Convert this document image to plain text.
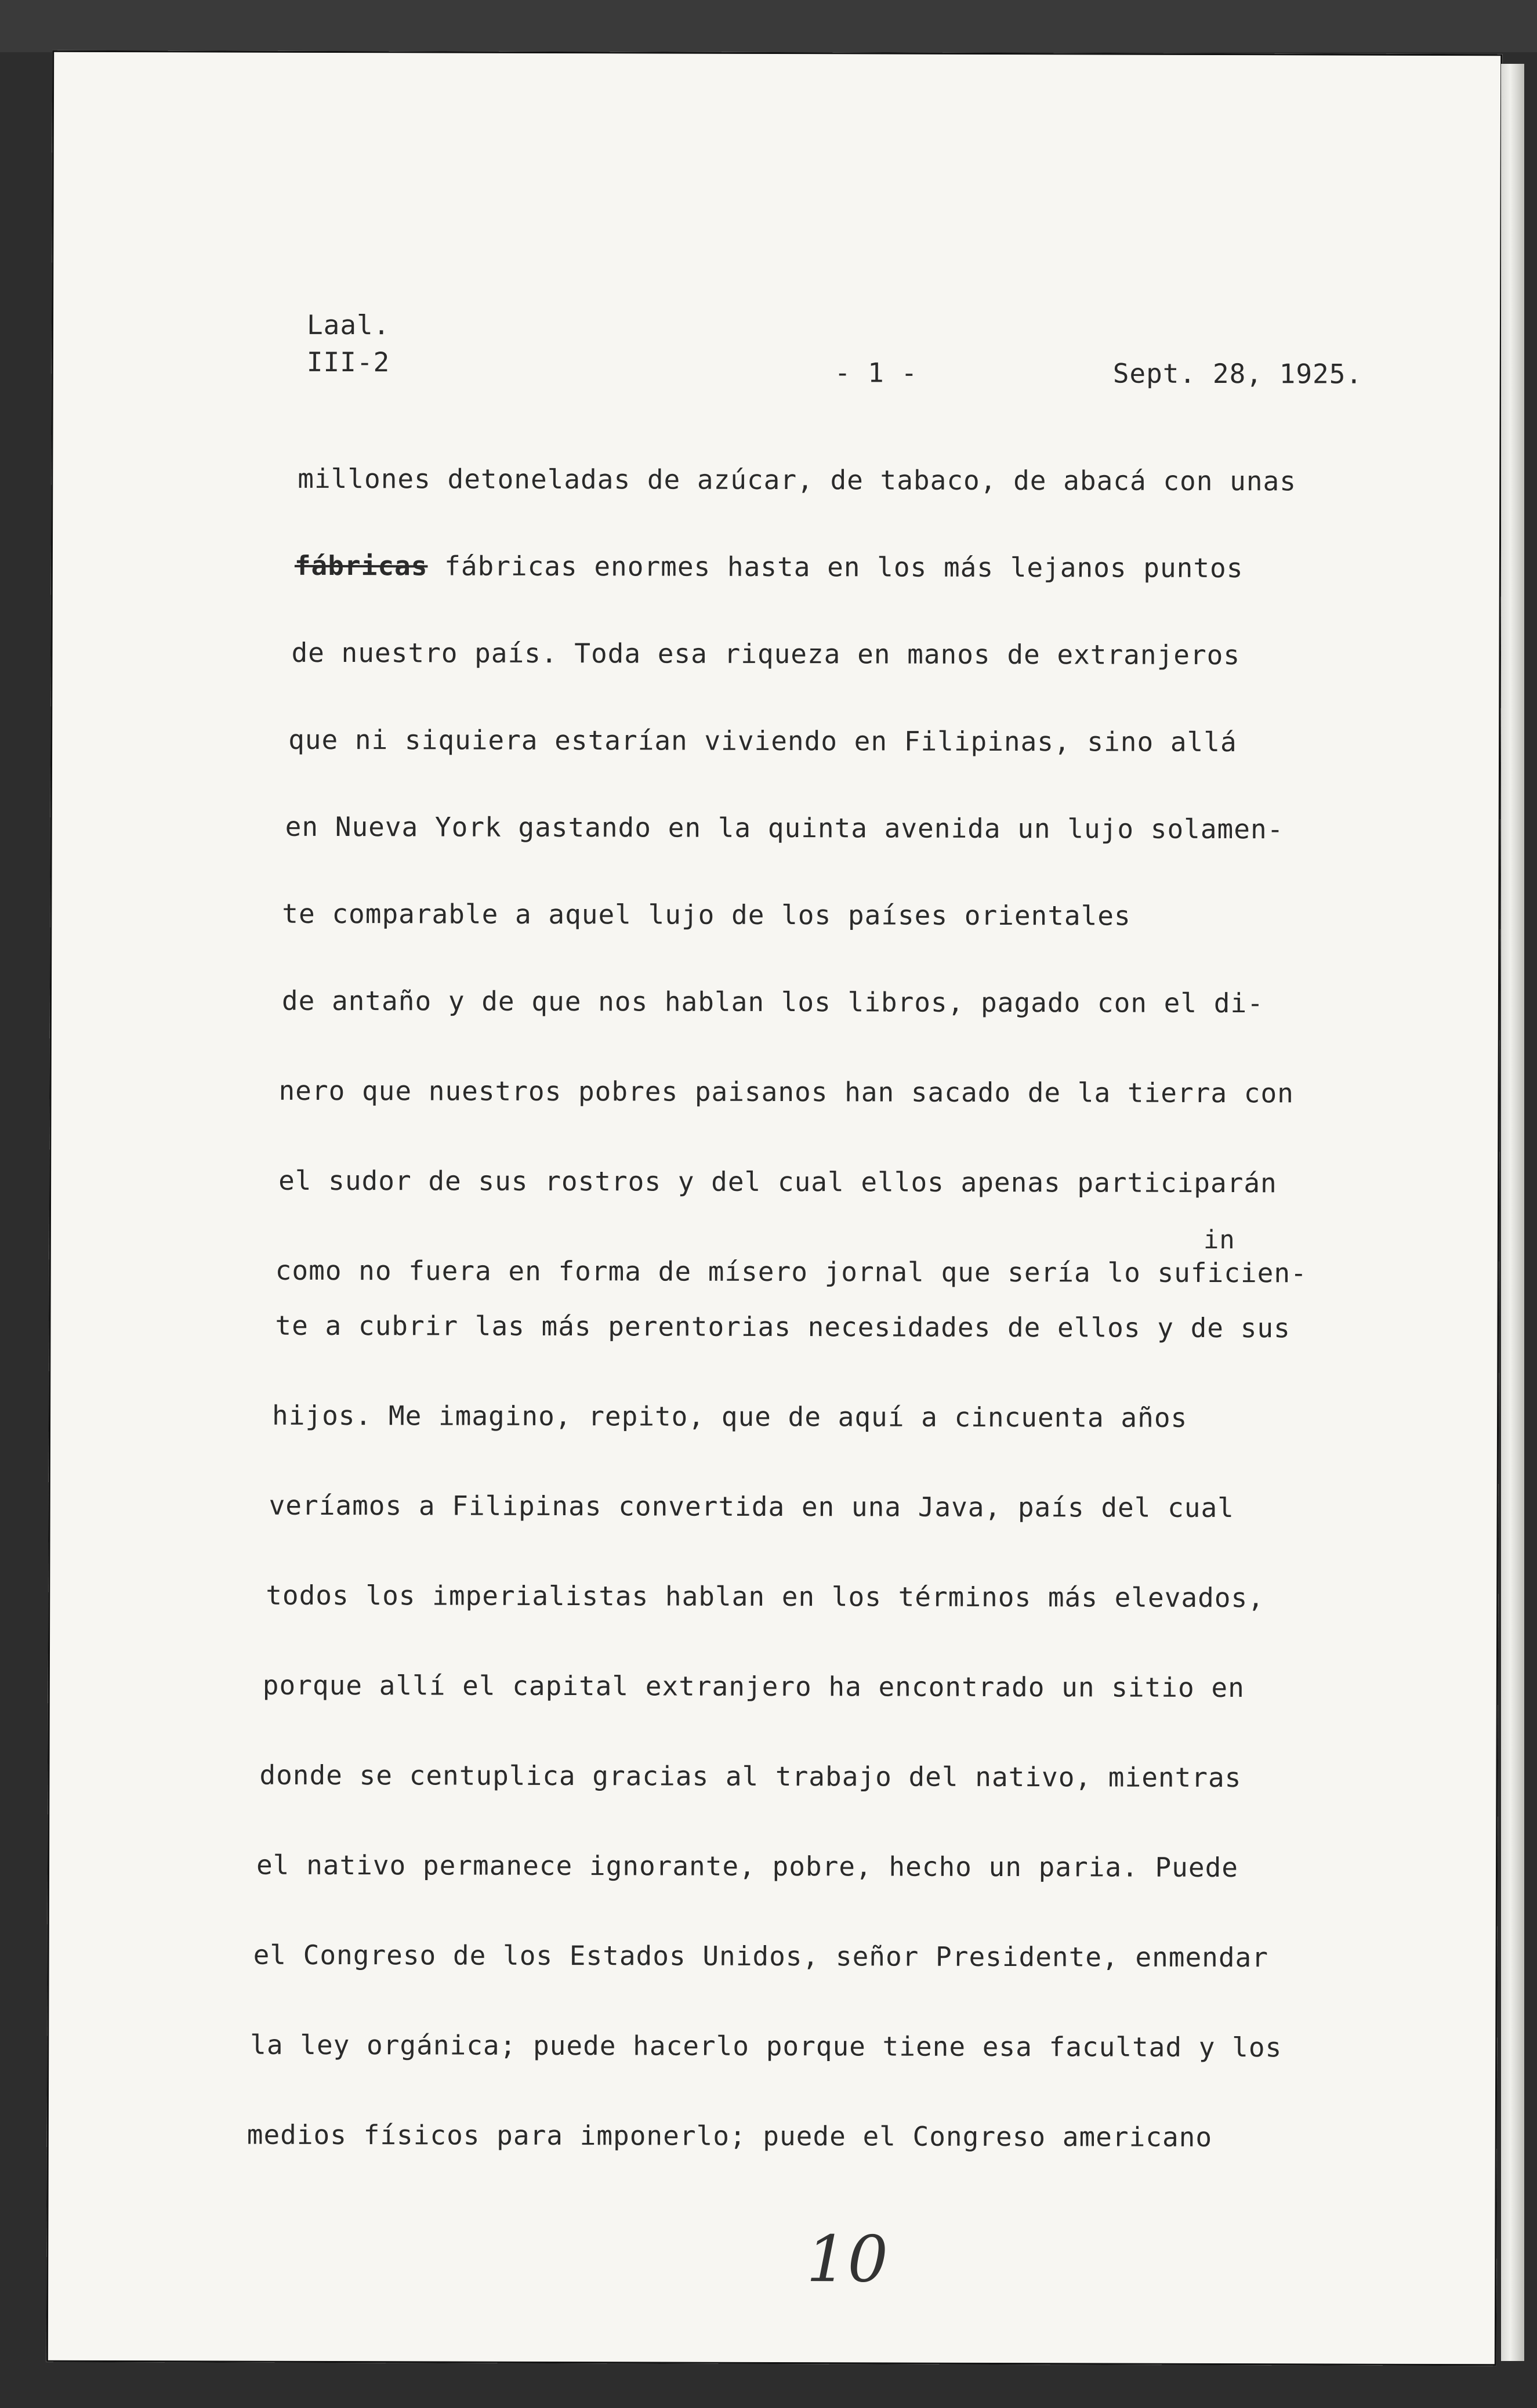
Laal.
III-2	- 1 -	Sept. 28, 1925.
millones detoneladas de azúcar, de tabaco, de abacá con unas
fábricas fábricas enormes hasta en los más lejanos puntos
de nuestro país. Toda esa riqueza en manos de extranjeros
que ni siquiera estarían viviendo en Filipinas, sino allá
en Nueva York gastando en la quinta avenida un lujo solamen-
te comparable a aquel lujo de los países orientales
de antaño y de que nos hablan los libros, pagado con el di-
nero que nuestros pobres paisanos han sacado de la tierra con
el sudor de sus rostros y del cual ellos apenas participarán
in
como no fuera en forma de mísero jornal que sería lo suficien-
te a cubrir las más perentorias necesidades de ellos y de sus
hijos. Me imagino, repito, que de aquí a cincuenta años
veríamos a Filipinas convertida en una Java, país del cual
todos los imperialistas hablan en los términos más elevados,
porque allí el capital extranjero ha encontrado un sitio en
donde se centuplica gracias al trabajo del nativo, mientras
el nativo permanece ignorante, pobre, hecho un paria. Puede
el Congreso de los Estados Unidos, señor Presidente, enmendar
la ley orgánica; puede hacerlo porque tiene esa facultad y los
medios físicos para imponerlo; puede el Congreso americano
10
